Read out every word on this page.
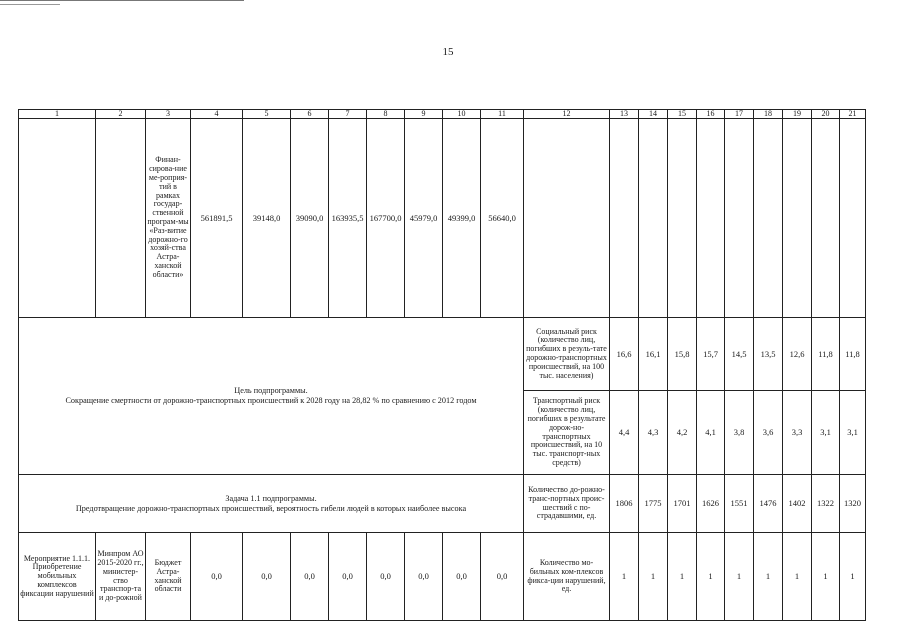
15
1	2	3	4	5	6	7	8	9	10	11	12	13	14	15	16	17	18	19	20	21
		Финан-сирова-ние ме-роприя-тий в рамках государ-ственной програм-мы «Раз-витие дорожно-го хозяй-ства Астра-ханской области»	561891,5	39148,0	39090,0	163935,5	167700,0	45979,0	49399,0	56640,0										

Цель подпрограммы.
Сокращение смертности от дорожно-транспортных происшествий к 2028 году на 28,82 % по сравнению с 2012 годом											Социальный риск (количество лиц, погибших в резуль-тате дорожно-транспортных происшествий, на 100 тыс. населения)	16,6	16,1	15,8	15,7	14,5	13,5	12,6	11,8	11,8
											Транспортный риск (количество лиц, погибших в результате дорож-но-транспортных происшествий, на 10 тыс. транспорт-ных средств)	4,4	4,3	4,2	4,1	3,8	3,6	3,3	3,1	3,1

Задача 1.1 подпрограммы.
Предотвращение дорожно-транспортных происшествий, вероятность гибели людей в которых наиболее высока											Количество до-рожно- транс-портных проис-шествий с по-страдавшими, ед.	1806	1775	1701	1626	1551	1476	1402	1322	1320
Мероприятие 1.1.1. Приобретение мобильных комплексов фиксации нарушений	Минпром АО 2015-2020 гг., министер-ство транспор-та и до-рожной	Бюджет Астра-ханской области	0,0	0,0	0,0	0,0	0,0	0,0	0,0	0,0	Количество мо-бильных ком-плексов фикса-ции нарушений, ед.	1	1	1	1	1	1	1	1	1
